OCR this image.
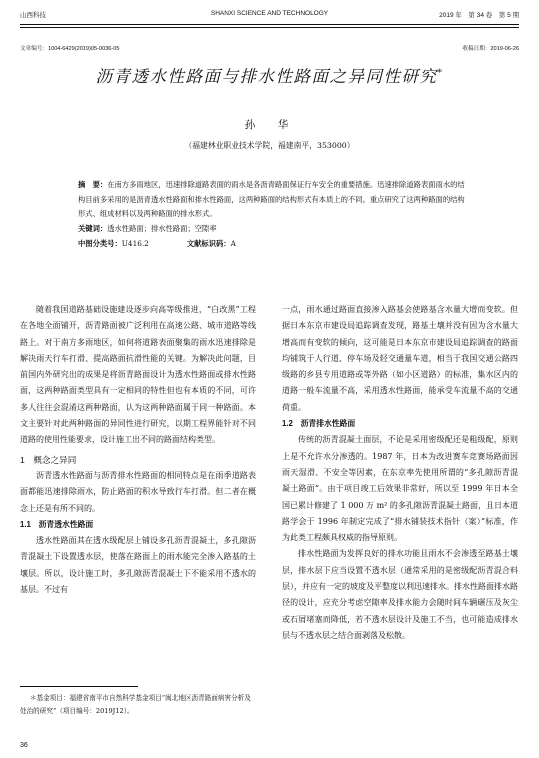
山西科技	SHANXI SCIENCE AND TECHNOLOGY	2019 年　第 34 卷　第 5 期
文章编号：1004-6429(2019)05-0036-05	收稿日期：2019-06-26
沥青透水性路面与排水性路面之异同性研究*
孙　华
（福建林业职业技术学院，福建南平，353000）

摘　要：在南方多雨地区，迅速排除道路表面的雨水是各沥青路面保证行车安全的重要措施。迅速排除道路表面雨水的结构目前多采用的是沥青透水性路面和排水性路面，这两种路面的结构形式有本质上的不同。重点研究了这两种路面的结构形式、组成材料以及两种路面的排水形式。

关键词：透水性路面；排水性路面；空隙率

中图分类号：U416.2	文献标识码：A

随着我国道路基础设施建设逐步向高等级推进，“白改黑”工程在各地全面铺开，沥青路面被广泛利用在高速公路、城市道路等线路上。对于南方多雨地区，如何将道路表面聚集的雨水迅速排除是解决雨天行车打滑、提高路面抗滑性能的关键。为解决此问题，目前国内外研究出的成果是将沥青路面设计为透水性路面或排水性路面，这两种路面类型具有一定相同的特性但也有本质的不同，可许多人往往会混淆这两种路面，认为这两种路面属于同一种路面。本文主要针对此两种路面的异同性进行研究，以期工程界能针对不同道路的使用性能要求，设计施工出不同的路面结构类型。

1　概念之异同

沥青透水性路面与沥青排水性路面的相同特点是在雨季道路表面都能迅速排除雨水，防止路面的积水导致行车打滑。但二者在概念上还是有所不同的。

1.1　沥青透水性路面

透水性路面其在透水级配层上铺设多孔沥青混凝土，多孔隙沥青混凝土下设置透水层，使落在路面上的雨水能完全渗入路基的土壤层。所以，设计施工时，多孔隙沥青混凝土下不能采用不透水的基层。不过有

一点，雨水通过路面直接渗入路基会使路基含水量大增而变软。但据日本东京市建设局追踪调查发现，路基土壤并没有因为含水量大增高而有变软的倾向，这可能是日本东京市建设局追踪调查的路面均铺筑于人行道、停车场及轻交通量车道，相当于我国交通公路四级路的乡县专用道路或等外路（如小区道路）的标准，集水区内的道路一般车流量不高，采用透水性路面，能承受车流量不高的交通荷重。

1.2　沥青排水性路面

传统的沥青混凝土面层，不论是采用密级配还是粗级配，原则上是不允许水分渗透的。1987 年，日本为改进赛车竞赛场路面因雨天湿滑、不安全等因素，在东京率先使用所谓的“多孔隙沥青混凝土路面”。由于项目竣工后效果非常好，所以至 1999 年日本全国已累计修建了 1 000 万 m² 的多孔隙沥青混凝土路面，且日本道路学会于 1996 年制定完成了“排水铺装技术指针（案）”标准，作为此类工程颇具权威的指导原则。

排水性路面为发挥良好的排水功能且雨水不会渗透至路基土壤层，排水层下应当设置不透水层（通常采用的是密级配沥青混合料层），并应有一定的坡度及平整度以利迅速排水。排水性路面排水路径的设计，应充分考虑空隙率及排水能力会随时间车辆碾压及灰尘或石屑堵塞而降低，若不透水层设计及施工不当，也可能造成排水层与不透水层之结合面剥落及松散。

＊基金项目：福建省南平市自然科学基金项目“闽北地区沥青路面病害分析及处治的研究”（项目编号：2019J12）。

36
